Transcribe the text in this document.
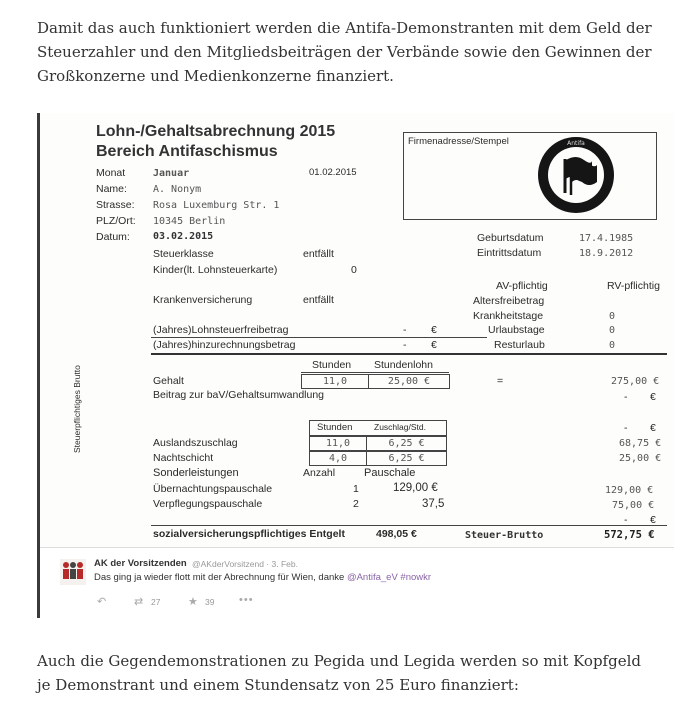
Damit das auch funktioniert werden die Antifa-Demonstranten mit dem Geld der Steuerzahler und den Mitgliedsbeiträgen der Verbände sowie den Gewinnen der Großkonzerne und Medienkonzerne finanziert.
Lohn-/Gehaltsabrechnung 2015
Bereich Antifaschismus
Firmenadresse/Stempel	Antifa
Monat	Januar	01.02.2015
Name:	A. Nonym
Strasse: Rosa Luxemburg Str. 1
PLZ/Ort: 10345 Berlin
Datum: 03.02.2015	Geburtsdatum	17.4.1985
Eintrittsdatum	18.9.2012
Steuerklasse	entfällt
Kinder(lt. Lohnsteuerkarte)	0
AV-pflichtig	RV-pflichtig
Krankenversicherung	entfällt	Altersfreibetrag
Krankheitstage	0
(Jahres)Lohnsteuerfreibetrag	- €	Urlaubstage	0
(Jahres)hinzurechnungsbetrag	- €	Resturlaub	0
Stunden Stundenlohn
Gehalt	11,0	25,00 €	=	275,00 €
Beitrag zur baV/Gehaltsumwandlung	- €
Steuerpflichtiges Brutto	Stunden	Zuschlag/Std.	- €
Auslandszuschlag	11,0	6,25 €	68,75 €
Nachtschicht	4,0	6,25 €	25,00 €
Sonderleistungen	Anzahl	Pauschale
Übernachtungspauschale	1	129,00 €	129,00 €
Verpflegungspauschale	2	37,5	75,00 €
- €
sozialversicherungspflichtiges Entgelt	498,05 €	Steuer-Brutto	572,75 €
AK der Vorsitzenden @AKderVorsitzend · 3. Feb.
Das ging ja wieder flott mit der Abrechnung für Wien, danke @Antifa_eV #nowkr
↶	⇄ 27	★ 39 •••
Auch die Gegendemonstrationen zu Pegida und Legida werden so mit Kopfgeld je Demonstrant und einem Stundensatz von 25 Euro finanziert:
